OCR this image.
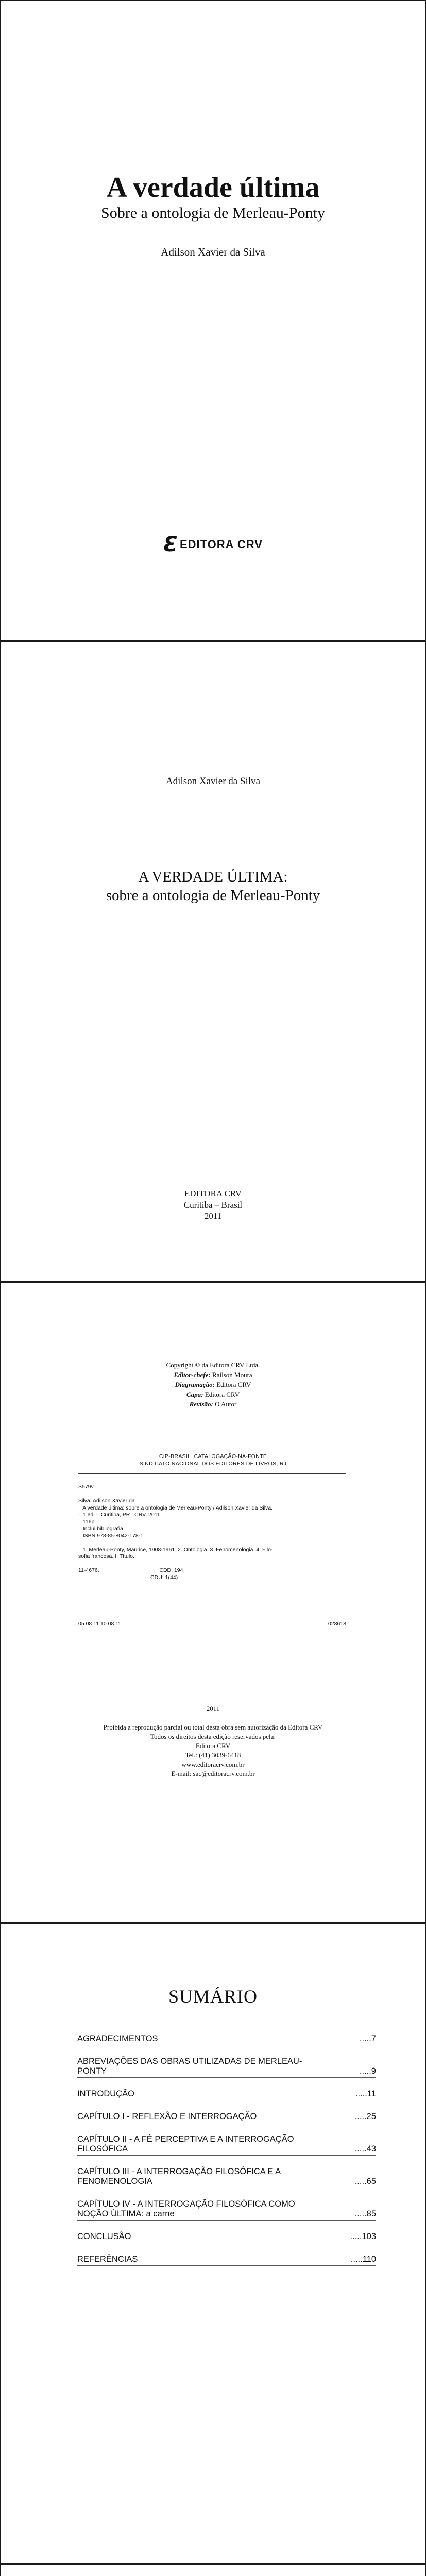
A verdade última
Sobre a ontologia de Merleau-Ponty
Adilson Xavier da Silva
Ɛ EDITORA CRV
Adilson Xavier da Silva
A VERDADE ÚLTIMA:
sobre a ontologia de Merleau-Ponty
EDITORA CRV
Curitiba – Brasil
2011
Copyright © da Editora CRV Ltda.
Editor-chefe: Railson Moura
Diagramação: Editora CRV
Capa: Editora CRV
Revisão: O Autor
CIP-BRASIL. CATALOGAÇÃO-NA-FONTE
SINDICATO NACIONAL DOS EDITORES DE LIVROS, RJ
S579v

Silva, Adilson Xavier da
A verdade última: sobre a ontologia de Merleau-Ponty / Adilson Xavier da Silva.
– 1.ed. – Curitiba, PR : CRV, 2011.
116p.
Inclui bibliografia
ISBN 978-85-8042-178-1

1. Merleau-Ponty, Maurice, 1908-1961. 2. Ontologia. 3. Fenomenologia. 4. Filo-
sofia francesa. I. Título.

11-4676.                                        CDD: 194
CDU: 1(44)
05.08.11 10.08.11	028618
2011

Proibida a reprodução parcial ou total desta obra sem autorização da Editora CRV
Todos os direitos desta edição reservados pela:
Editora CRV
Tel.: (41) 3039-6418
www.editoracrv.com.br
E-mail: sac@editoracrv.com.br
SUMÁRIO
AGRADECIMENTOS	.....7
ABREVIAÇÕES DAS OBRAS UTILIZADAS DE MERLEAU-
PONTY	.....9
INTRODUÇÃO	.....11
CAPÍTULO I - REFLEXÃO E INTERROGAÇÃO	.....25
CAPÍTULO II - A FÉ PERCEPTIVA E A INTERROGAÇÃO
FILOSÓFICA	.....43
CAPÍTULO III - A INTERROGAÇÃO FILOSÓFICA E A
FENOMENOLOGIA	.....65
CAPÍTULO IV - A INTERROGAÇÃO FILOSÓFICA COMO
NOÇÃO ÚLTIMA: a carne	.....85
CONCLUSÃO	.....103
REFERÊNCIAS	.....110
